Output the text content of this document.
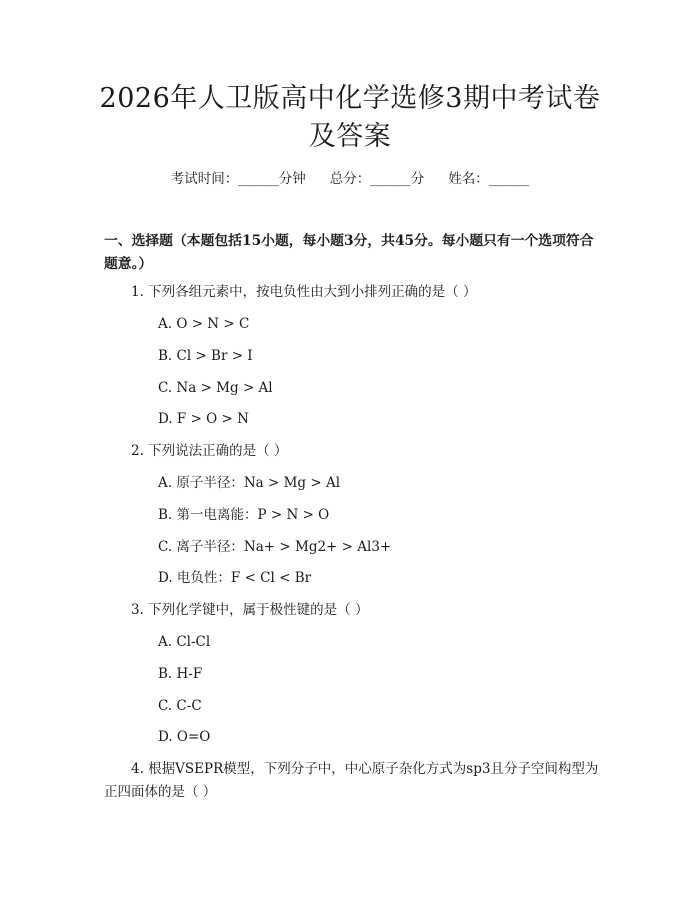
2026年人卫版高中化学选修3期中考试卷及答案
考试时间：______分钟 总分：______分 姓名：______
一、选择题（本题包括15小题，每小题3分，共45分。每小题只有一个选项符合题意。）
1. 下列各组元素中，按电负性由大到小排列正确的是（ ）
A. O > N > C
B. Cl > Br > I
C. Na > Mg > Al
D. F > O > N
2. 下列说法正确的是（ ）
A. 原子半径：Na > Mg > Al
B. 第一电离能：P > N > O
C. 离子半径：Na+ > Mg2+ > Al3+
D. 电负性：F < Cl < Br
3. 下列化学键中，属于极性键的是（ ）
A. Cl-Cl
B. H-F
C. C-C
D. O=O
4. 根据VSEPR模型，下列分子中，中心原子杂化方式为sp3且分子空间构型为正四面体的是（ ）
